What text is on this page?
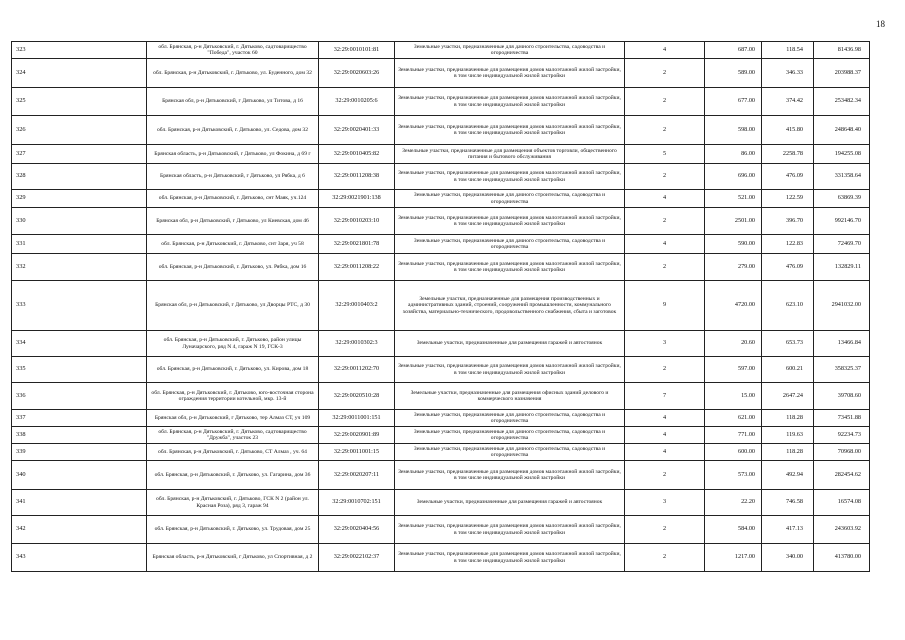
18
323	обл. Брянская, р-н Дятьковский, г. Дятьково, садтоварищество "Победа", участок 60	32:29:0010101:81	Земельные участки, предназначенные для дачного строительства, садоводства и огородничества	4	687.00	118.54	81436.98
324	обл. Брянская, р-н Дятьковский, г. Дятьково, ул. Буденного, дом 32	32:29:0020603:26	Земельные участки, предназначенные для размещения домов малоэтажной жилой застройки, в том числе индивидуальной жилой застройки	2	589.00	346.33	203988.37
325	Брянская обл, р-н Дятьковский, г Дятьково, ул Титова, д 16	32:29:0010205:6	Земельные участки, предназначенные для размещения домов малоэтажной жилой застройки, в том числе индивидуальной жилой застройки	2	677.00	374.42	253482.34
326	обл. Брянская, р-н Дятьковский, г. Дятьково, ул. Седова, дом 32	32:29:0020401:33	Земельные участки, предназначенные для размещения домов малоэтажной жилой застройки, в том числе индивидуальной жилой застройки	2	598.00	415.80	248648.40
327	Брянская область, р-н Дятьковский, г Дятьково, ул Фокина, д 69 г	32:29:0010405:82	Земельные участки, предназначенные для размещения объектов торговли, общественного питания и бытового обслуживания	5	86.00	2258.78	194255.08
328	Брянская область, р-н Дятьковский, г Дятьково, ул Рябка, д 6	32:29:0011208:38	Земельные участки, предназначенные для размещения домов малоэтажной жилой застройки, в том числе индивидуальной жилой застройки	2	696.00	476.09	331358.64
329	обл. Брянская, р-н Дятьковский, г. Дятьково, снт Маяк, уч.124	32:29:0021901:138	Земельные участки, предназначенные для дачного строительства, садоводства и огородничества	4	521.00	122.59	63869.39
330	Брянская обл, р-н Дятьковский, г Дятьково, ул Киевская, дом 46	32:29:0010203:10	Земельные участки, предназначенные для размещения домов малоэтажной жилой застройки, в том числе индивидуальной жилой застройки	2	2501.00	396.70	992146.70
331	обл. Брянская, р-н Дятьковский, г. Дятьково, снт Заря, уч 58	32:29:0021801:78	Земельные участки, предназначенные для дачного строительства, садоводства и огородничества	4	590.00	122.83	72469.70
332	обл. Брянская, р-н Дятьковский, г. Дятьково, ул. Рябка, дом 16	32:29:0011208:22	Земельные участки, предназначенные для размещения домов малоэтажной жилой застройки, в том числе индивидуальной жилой застройки	2	279.00	476.09	132829.11
333	Брянская обл, р-н Дятьковский, г Дятьково, ул Дворцы РТС, д 30	32:29:0010403:2	Земельные участки, предназначенные для размещения производственных и административных зданий, строений, сооружений промышленности, коммунального хозяйства, материально-технического, продовольственного снабжения, сбыта и заготовок	9	4720.00	623.10	2941032.00
334	обл. Брянская, р-н Дятьковский, г. Дятьково, район улицы Луначарского, ряд N 4, гараж N 19, ГСК-3	32:29:0010302:3	Земельные участки, предназначенные для размещения гаражей и автостоянок	3	20.60	653.73	13466.84
335	обл. Брянская, р-н Дятьковский, г. Дятьково, ул. Кирова, дом 18	32:29:0011202:70	Земельные участки, предназначенные для размещения домов малоэтажной жилой застройки, в том числе индивидуальной жилой застройки	2	597.00	600.21	358325.37
336	обл. Брянская, р-н Дятьковский, г. Дятьково, юго-восточная сторона ограждения территории котельной, мкр. 13-й	32:29:0020510:28	Земельные участки, предназначенные для размещения офисных зданий делового и коммерческого назначения	7	15.00	2647.24	39708.60
337	Брянская обл, р-н Дятьковский, г Дятьково, тер Алмаз СТ, уч 109	32:29:0011001:151	Земельные участки, предназначенные для дачного строительства, садоводства и огородничества	4	621.00	118.28	73451.88
338	обл. Брянская, р-н Дятьковский, г. Дятьково, садтоварищество "Дружба", участок 23	32:29:0020901:89	Земельные участки, предназначенные для дачного строительства, садоводства и огородничества	4	771.00	119.63	92234.73
339	обл. Брянская, р-н Дятьковский, г. Дятьково, СТ Алмаз , уч. 64	32:29:0011001:15	Земельные участки, предназначенные для дачного строительства, садоводства и огородничества	4	600.00	118.28	70968.00
340	обл. Брянская, р-н Дятьковский, г. Дятьково, ул. Гагарина, дом 36	32:29:0020207:11	Земельные участки, предназначенные для размещения домов малоэтажной жилой застройки, в том числе индивидуальной жилой застройки	2	573.00	492.94	282454.62
341	обл. Брянская, р-н Дятьковский, г. Дятьково, ГСК N 2 (район ул. Красная Роза), ряд 3, гараж 94	32:29:0010702:151	Земельные участки, предназначенные для размещения гаражей и автостоянок	3	22.20	746.58	16574.08
342	обл. Брянская, р-н Дятьковский, г. Дятьково, ул. Трудовая, дом 25	32:29:0020404:56	Земельные участки, предназначенные для размещения домов малоэтажной жилой застройки, в том числе индивидуальной жилой застройки	2	584.00	417.13	243603.92
343	Брянская область, р-н Дятьковский, г Дятьково, ул Спортивная, д 2	32:29:0022102:37	Земельные участки, предназначенные для размещения домов малоэтажной жилой застройки, в том числе индивидуальной жилой застройки	2	1217.00	340.00	413780.00
